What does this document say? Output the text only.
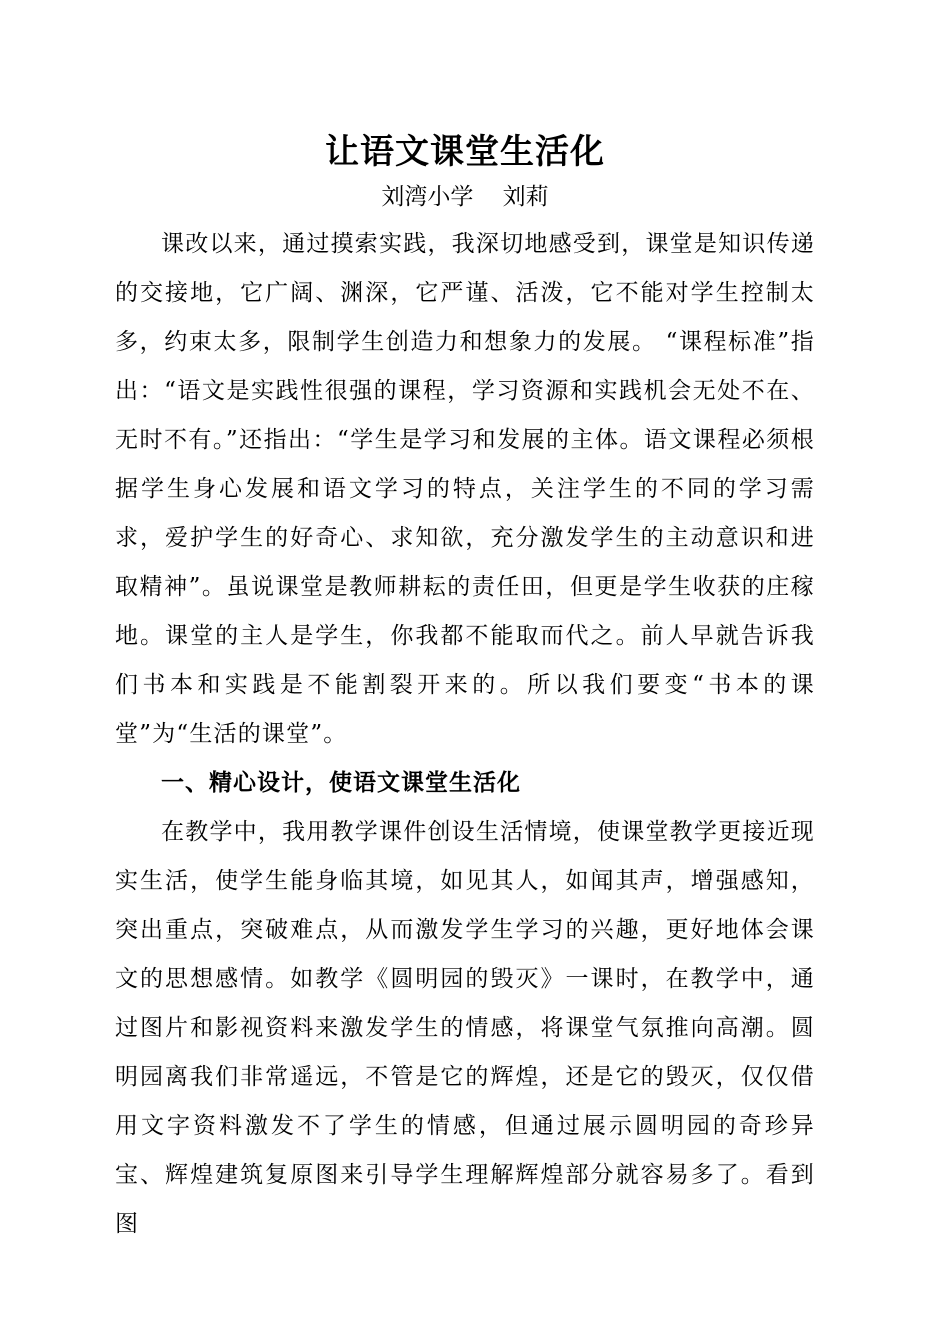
让语文课堂生活化

刘湾小学    刘莉

课改以来，通过摸索实践，我深切地感受到，课堂是知识传递的交接地，它广阔、渊深，它严谨、活泼，它不能对学生控制太多，约束太多，限制学生创造力和想象力的发展。 “课程标准”指出：“语文是实践性很强的课程，学习资源和实践机会无处不在、无时不有。”还指出：“学生是学习和发展的主体。语文课程必须根据学生身心发展和语文学习的特点，关注学生的不同的学习需求，爱护学生的好奇心、求知欲，充分激发学生的主动意识和进取精神”。虽说课堂是教师耕耘的责任田，但更是学生收获的庄稼地。课堂的主人是学生，你我都不能取而代之。前人早就告诉我们书本和实践是不能割裂开来的。所以我们要变“书本的课堂”为“生活的课堂”。

一、精心设计，使语文课堂生活化

在教学中，我用教学课件创设生活情境，使课堂教学更接近现实生活，使学生能身临其境，如见其人，如闻其声，增强感知，突出重点，突破难点，从而激发学生学习的兴趣，更好地体会课文的思想感情。如教学《圆明园的毁灭》一课时，在教学中，通过图片和影视资料来激发学生的情感，将课堂气氛推向高潮。圆明园离我们非常遥远，不管是它的辉煌，还是它的毁灭，仅仅借用文字资料激发不了学生的情感，但通过展示圆明园的奇珍异宝、辉煌建筑复原图来引导学生理解辉煌部分就容易多了。看到图
